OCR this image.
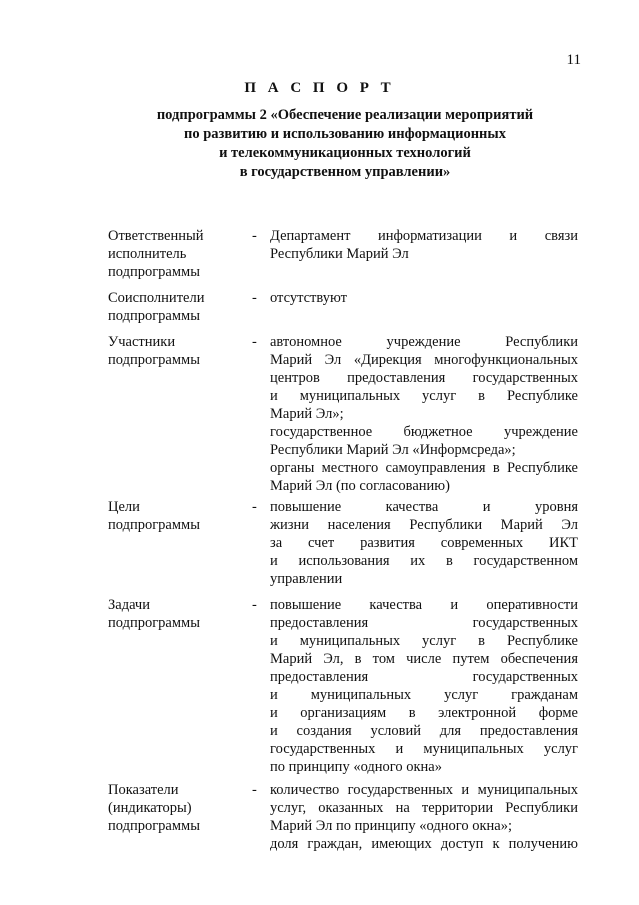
11
П А С П О Р Т

подпрограммы 2 «Обеспечение реализации мероприятий
по развитию и использованию информационных
и телекоммуникационных технологий
в государственном управлении»

Ответственный
исполнитель
подпрограммы
- Департамент информатизации и связи
Республики Марий Эл
Соисполнители
подпрограммы
- отсутствуют
Участники
подпрограммы
- автономное учреждение Республики
Марий Эл «Дирекция многофункциональных
центров предоставления государственных
и муниципальных услуг в Республике
Марий Эл»;
государственное бюджетное учреждение
Республики Марий Эл «Информсреда»;
органы местного самоуправления в Республике
Марий Эл (по согласованию)
Цели
подпрограммы
- повышение качества и уровня
жизни населения Республики Марий Эл
за счет развития современных ИКТ
и использования их в государственном
управлении
Задачи
подпрограммы
- повышение качества и оперативности
предоставления государственных
и муниципальных услуг в Республике
Марий Эл, в том числе путем обеспечения
предоставления государственных
и муниципальных услуг гражданам
и организациям в электронной форме
и создания условий для предоставления
государственных и муниципальных услуг
по принципу «одного окна»
Показатели
(индикаторы)
подпрограммы
- количество государственных и муниципальных
услуг, оказанных на территории Республики
Марий Эл по принципу «одного окна»;
доля граждан, имеющих доступ к получению
